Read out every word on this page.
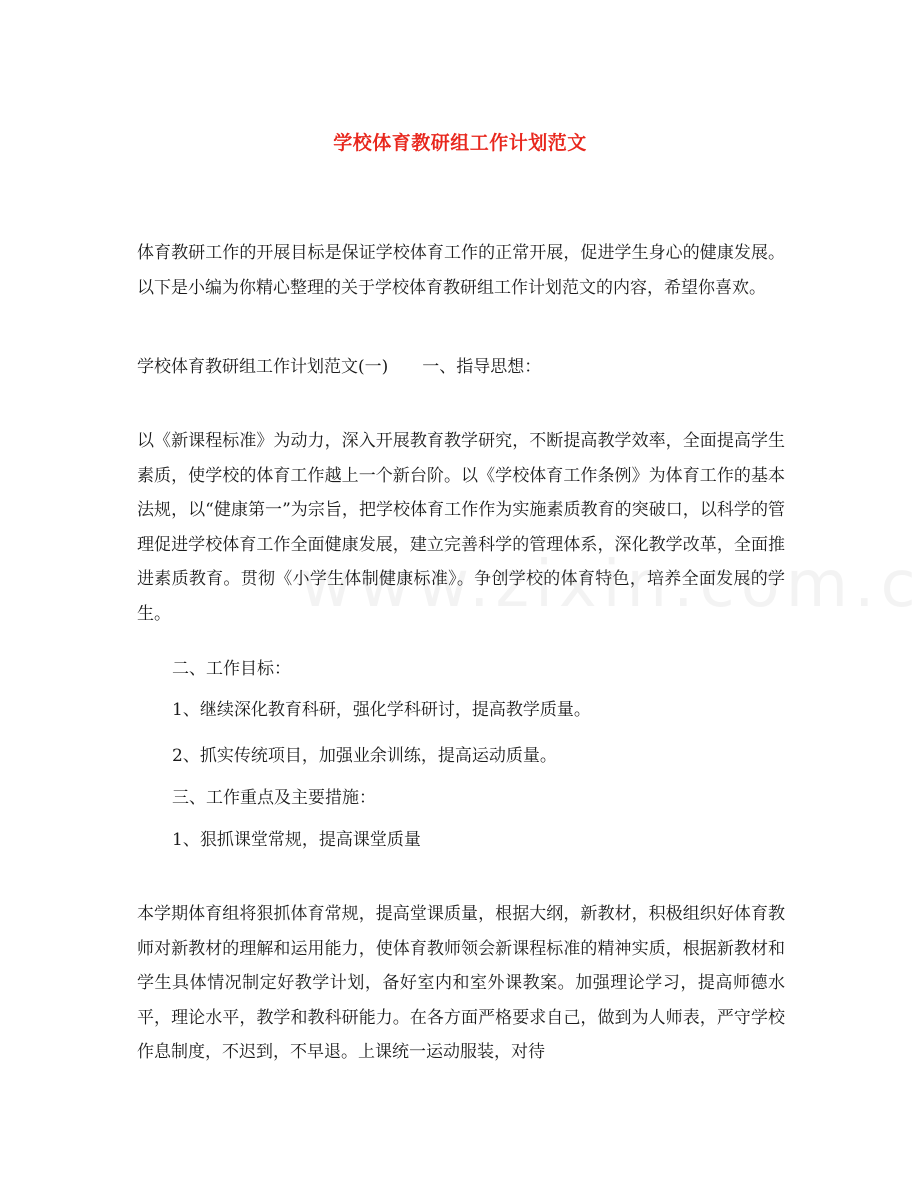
学校体育教研组工作计划范文

体育教研工作的开展目标是保证学校体育工作的正常开展，促进学生身心的健康发展。以下是小编为你精心整理的关于学校体育教研组工作计划范文的内容，希望你喜欢。

学校体育教研组工作计划范文(一)　　一、指导思想：

以《新课程标准》为动力，深入开展教育教学研究，不断提高教学效率，全面提高学生素质，使学校的体育工作越上一个新台阶。以《学校体育工作条例》为体育工作的基本法规，以“健康第一”为宗旨，把学校体育工作作为实施素质教育的突破口，以科学的管理促进学校体育工作全面健康发展，建立完善科学的管理体系，深化教学改革，全面推进素质教育。贯彻《小学生体制健康标准》。争创学校的体育特色，培养全面发展的学生。

二、工作目标：

1、继续深化教育科研，强化学科研讨，提高教学质量。

2、抓实传统项目，加强业余训练，提高运动质量。

三、工作重点及主要措施：

1、狠抓课堂常规，提高课堂质量

本学期体育组将狠抓体育常规，提高堂课质量，根据大纲，新教材，积极组织好体育教师对新教材的理解和运用能力，使体育教师领会新课程标准的精神实质，根据新教材和学生具体情况制定好教学计划，备好室内和室外课教案。加强理论学习，提高师德水平，理论水平，教学和教科研能力。在各方面严格要求自己，做到为人师表，严守学校作息制度，不迟到，不早退。上课统一运动服装，对待
